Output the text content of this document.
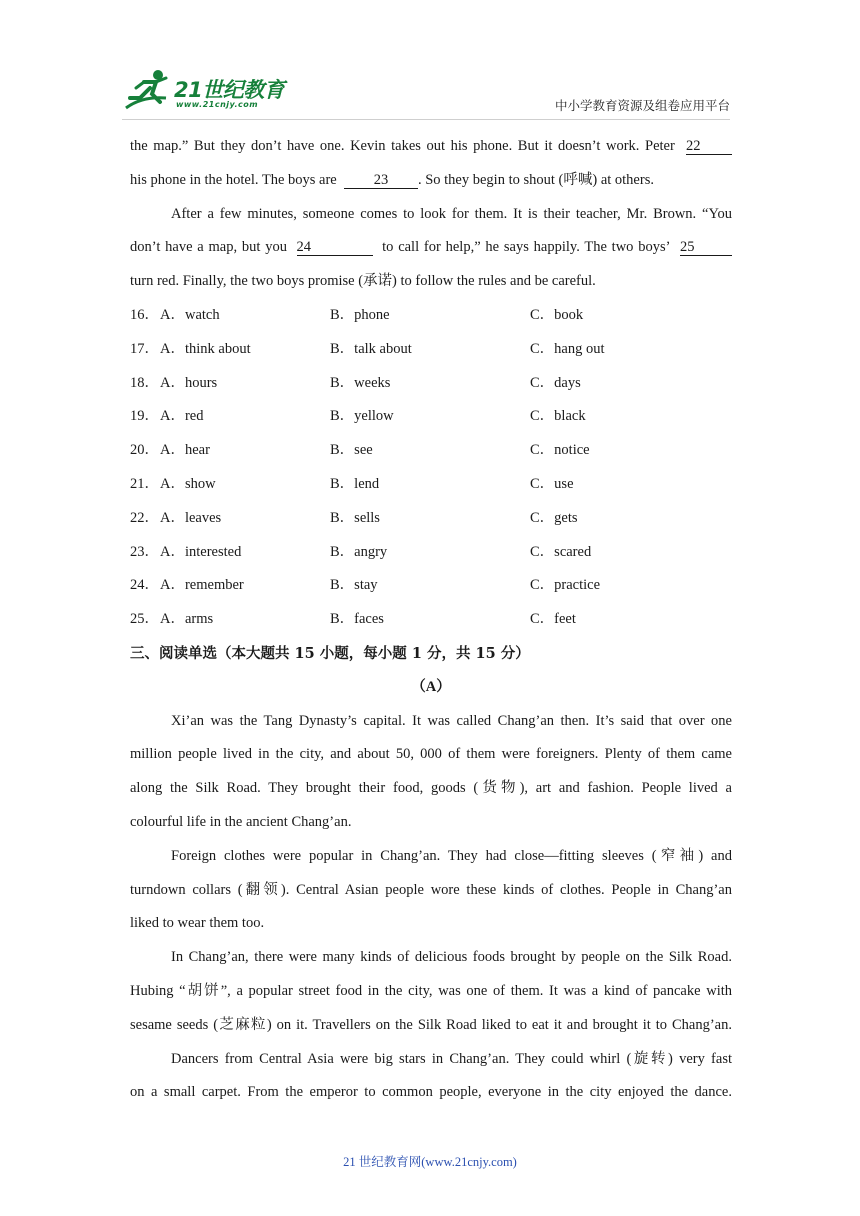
21世纪教育
www.21cnjy.com	中小学教育资源及组卷应用平台
the map.” But they don’t have one. Kevin takes out his phone. But it doesn’t work. Peter 22
his phone in the hotel. The boys are	23 . So they begin to shout (呼喊) at others.
After a few minutes, someone comes to look for them. It is their teacher, Mr. Brown. “You
don’t have a map, but you 24	to call for help,” he says happily. The two boys’ 25
turn red. Finally, the two boys promise (承诺) to follow the rules and be careful.
16． A．watch	B．phone	C．book
17． A．think about	B．talk about	C．hang out
18． A．hours	B．weeks	C．days
19． A．red	B．yellow	C．black
20． A．hear	B．see	C．notice
21． A．show	B．lend	C．use
22． A．leaves	B．sells	C．gets
23． A．interested	B．angry	C．scared
24． A．remember	B．stay	C．practice
25． A．arms	B．faces	C．feet
三、阅读单选（本大题共 15 小题，每小题 1 分，共 15 分）
（A）
Xi’an was the Tang Dynasty’s capital. It was called Chang’an then. It’s said that over one
million people lived in the city, and about 50, 000 of them were foreigners. Plenty of them came
along the Silk Road. They brought their food, goods (货物), art and fashion. People lived a
colourful life in the ancient Chang’an.
Foreign clothes were popular in Chang’an. They had close—fitting sleeves (窄袖) and
turndown collars (翻领). Central Asian people wore these kinds of clothes. People in Chang’an
liked to wear them too.
In Chang’an, there were many kinds of delicious foods brought by people on the Silk Road.
Hubing “胡饼”, a popular street food in the city, was one of them. It was a kind of pancake with
sesame seeds (芝麻粒) on it. Travellers on the Silk Road liked to eat it and brought it to Chang’an.
Dancers from Central Asia were big stars in Chang’an. They could whirl (旋转) very fast
on a small carpet. From the emperor to common people, everyone in the city enjoyed the dance.
21 世纪教育网(www.21cnjy.com)
